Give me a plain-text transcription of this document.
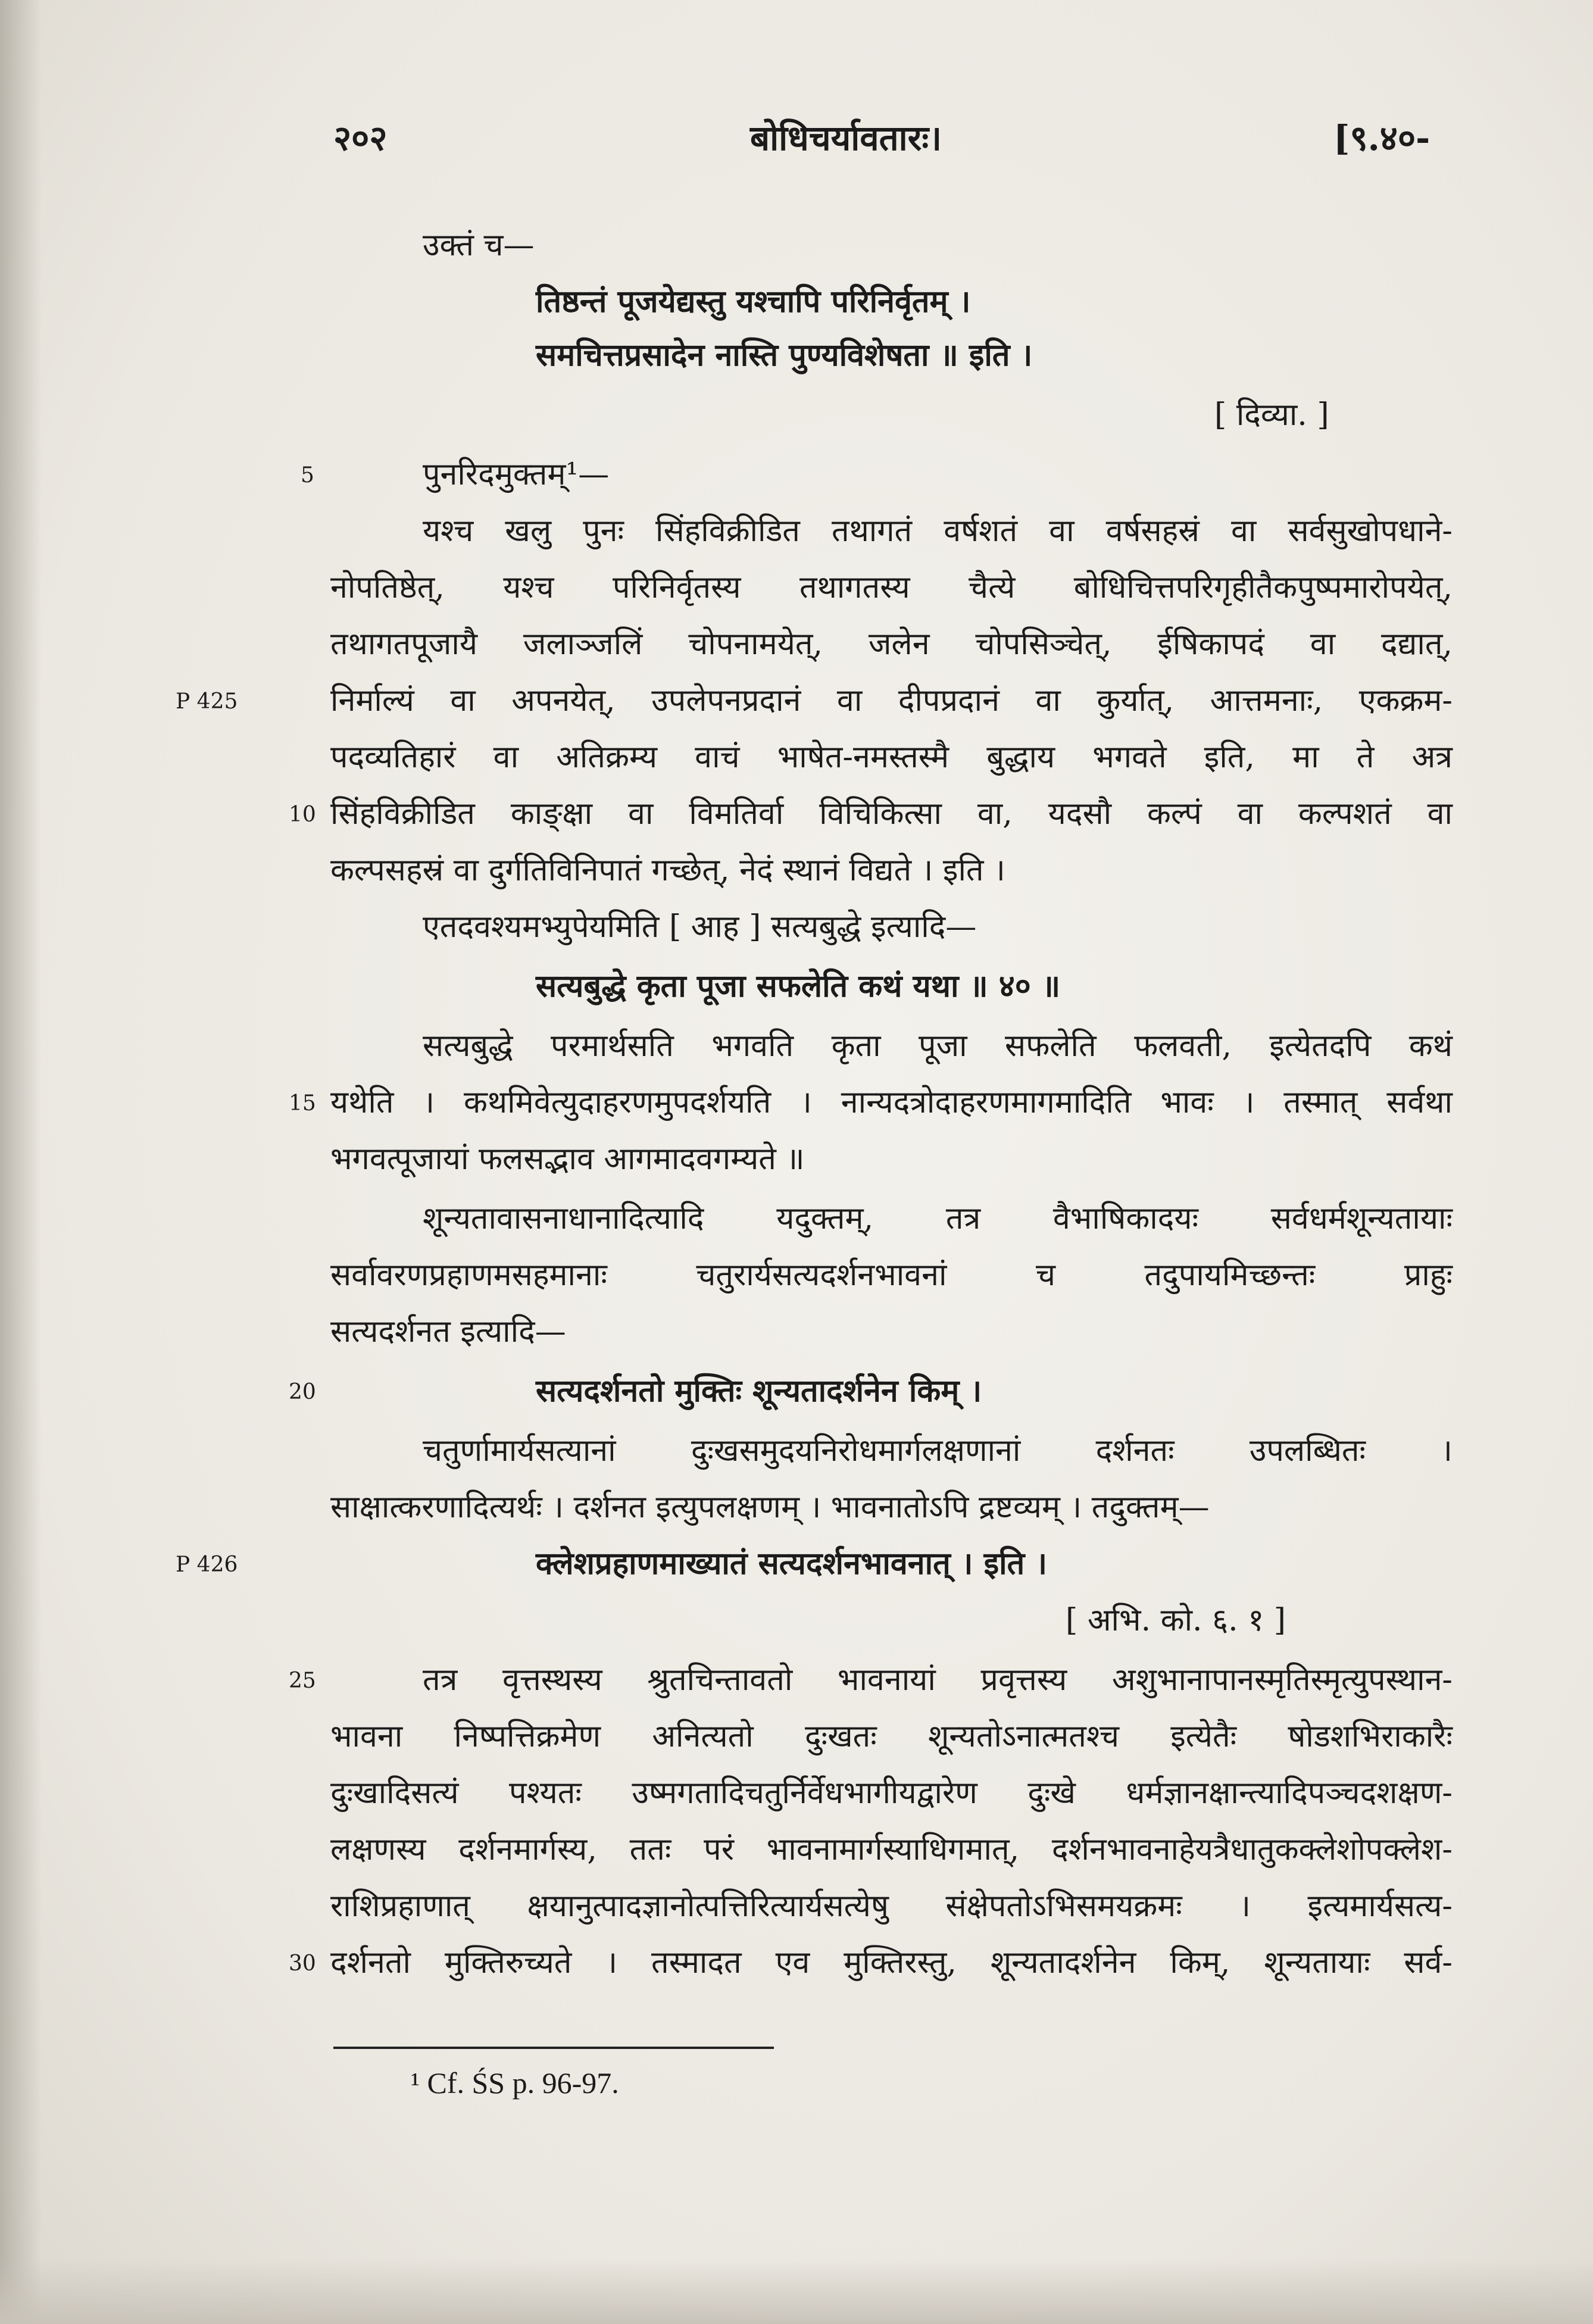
२०२	बोधिचर्यावतारः।	[९.४०-
उक्तं च—
तिष्ठन्तं पूजयेद्यस्तु यश्चापि परिनिर्वृतम् ।
समचित्तप्रसादेन नास्ति पुण्यविशेषता ॥ इति ।
[ दिव्या. ]
पुनरिदमुक्तम्¹—
यश्च खलु पुनः सिंहविक्रीडित तथागतं वर्षशतं वा वर्षसहस्रं वा सर्वसुखोपधाने-
नोपतिष्ठेत्, यश्च परिनिर्वृतस्य तथागतस्य चैत्ये बोधिचित्तपरिगृहीतैकपुष्पमारोपयेत्,
तथागतपूजायै जलाञ्जलिं चोपनामयेत्, जलेन चोपसिञ्चेत्, ईषिकापदं वा दद्यात्,
निर्माल्यं वा अपनयेत्, उपलेपनप्रदानं वा दीपप्रदानं वा कुर्यात्, आत्तमनाः, एकक्रम-
पदव्यतिहारं वा अतिक्रम्य वाचं भाषेत-नमस्तस्मै बुद्धाय भगवते इति, मा ते अत्र
सिंहविक्रीडित काङ्क्षा वा विमतिर्वा विचिकित्सा वा, यदसौ कल्पं वा कल्पशतं वा
कल्पसहस्रं वा दुर्गतिविनिपातं गच्छेत्, नेदं स्थानं विद्यते । इति ।
एतदवश्यमभ्युपेयमिति [ आह ] सत्यबुद्धे इत्यादि—
सत्यबुद्धे कृता पूजा सफलेति कथं यथा ॥ ४० ॥
सत्यबुद्धे परमार्थसति भगवति कृता पूजा सफलेति फलवती, इत्येतदपि कथं
यथेति । कथमिवेत्युदाहरणमुपदर्शयति । नान्यदत्रोदाहरणमागमादिति भावः । तस्मात् सर्वथा
भगवत्पूजायां फलसद्भाव आगमादवगम्यते ॥
शून्यतावासनाधानादित्यादि यदुक्तम्, तत्र वैभाषिकादयः सर्वधर्मशून्यतायाः
सर्वावरणप्रहाणमसहमानाः चतुरार्यसत्यदर्शनभावनां च तदुपायमिच्छन्तः प्राहुः
सत्यदर्शनत इत्यादि—
सत्यदर्शनतो मुक्तिः शून्यतादर्शनेन किम् ।
चतुर्णामार्यसत्यानां दुःखसमुदयनिरोधमार्गलक्षणानां दर्शनतः उपलब्धितः ।
साक्षात्करणादित्यर्थः । दर्शनत इत्युपलक्षणम् । भावनातोऽपि द्रष्टव्यम् । तदुक्तम्—
क्लेशप्रहाणमाख्यातं सत्यदर्शनभावनात् । इति ।
[ अभि. को. ६. १ ]
तत्र वृत्तस्थस्य श्रुतचिन्तावतो भावनायां प्रवृत्तस्य अशुभानापानस्मृतिस्मृत्युपस्थान-
भावना निष्पत्तिक्रमेण अनित्यतो दुःखतः शून्यतोऽनात्मतश्च इत्येतैः षोडशभिराकारैः
दुःखादिसत्यं पश्यतः उष्मगतादिचतुर्निर्वेधभागीयद्वारेण दुःखे धर्मज्ञानक्षान्त्यादिपञ्चदशक्षण-
लक्षणस्य दर्शनमार्गस्य, ततः परं भावनामार्गस्याधिगमात्, दर्शनभावनाहेयत्रैधातुकक्लेशोपक्लेश-
राशिप्रहाणात् क्षयानुत्पादज्ञानोत्पत्तिरित्यार्यसत्येषु संक्षेपतोऽभिसमयक्रमः । इत्यमार्यसत्य-
दर्शनतो मुक्तिरुच्यते । तस्मादत एव मुक्तिरस्तु, शून्यतादर्शनेन किम्, शून्यतायाः सर्व-
5
10
15
20
25
30
P 425
P 426
¹ Cf. ŚS p. 96-97.
